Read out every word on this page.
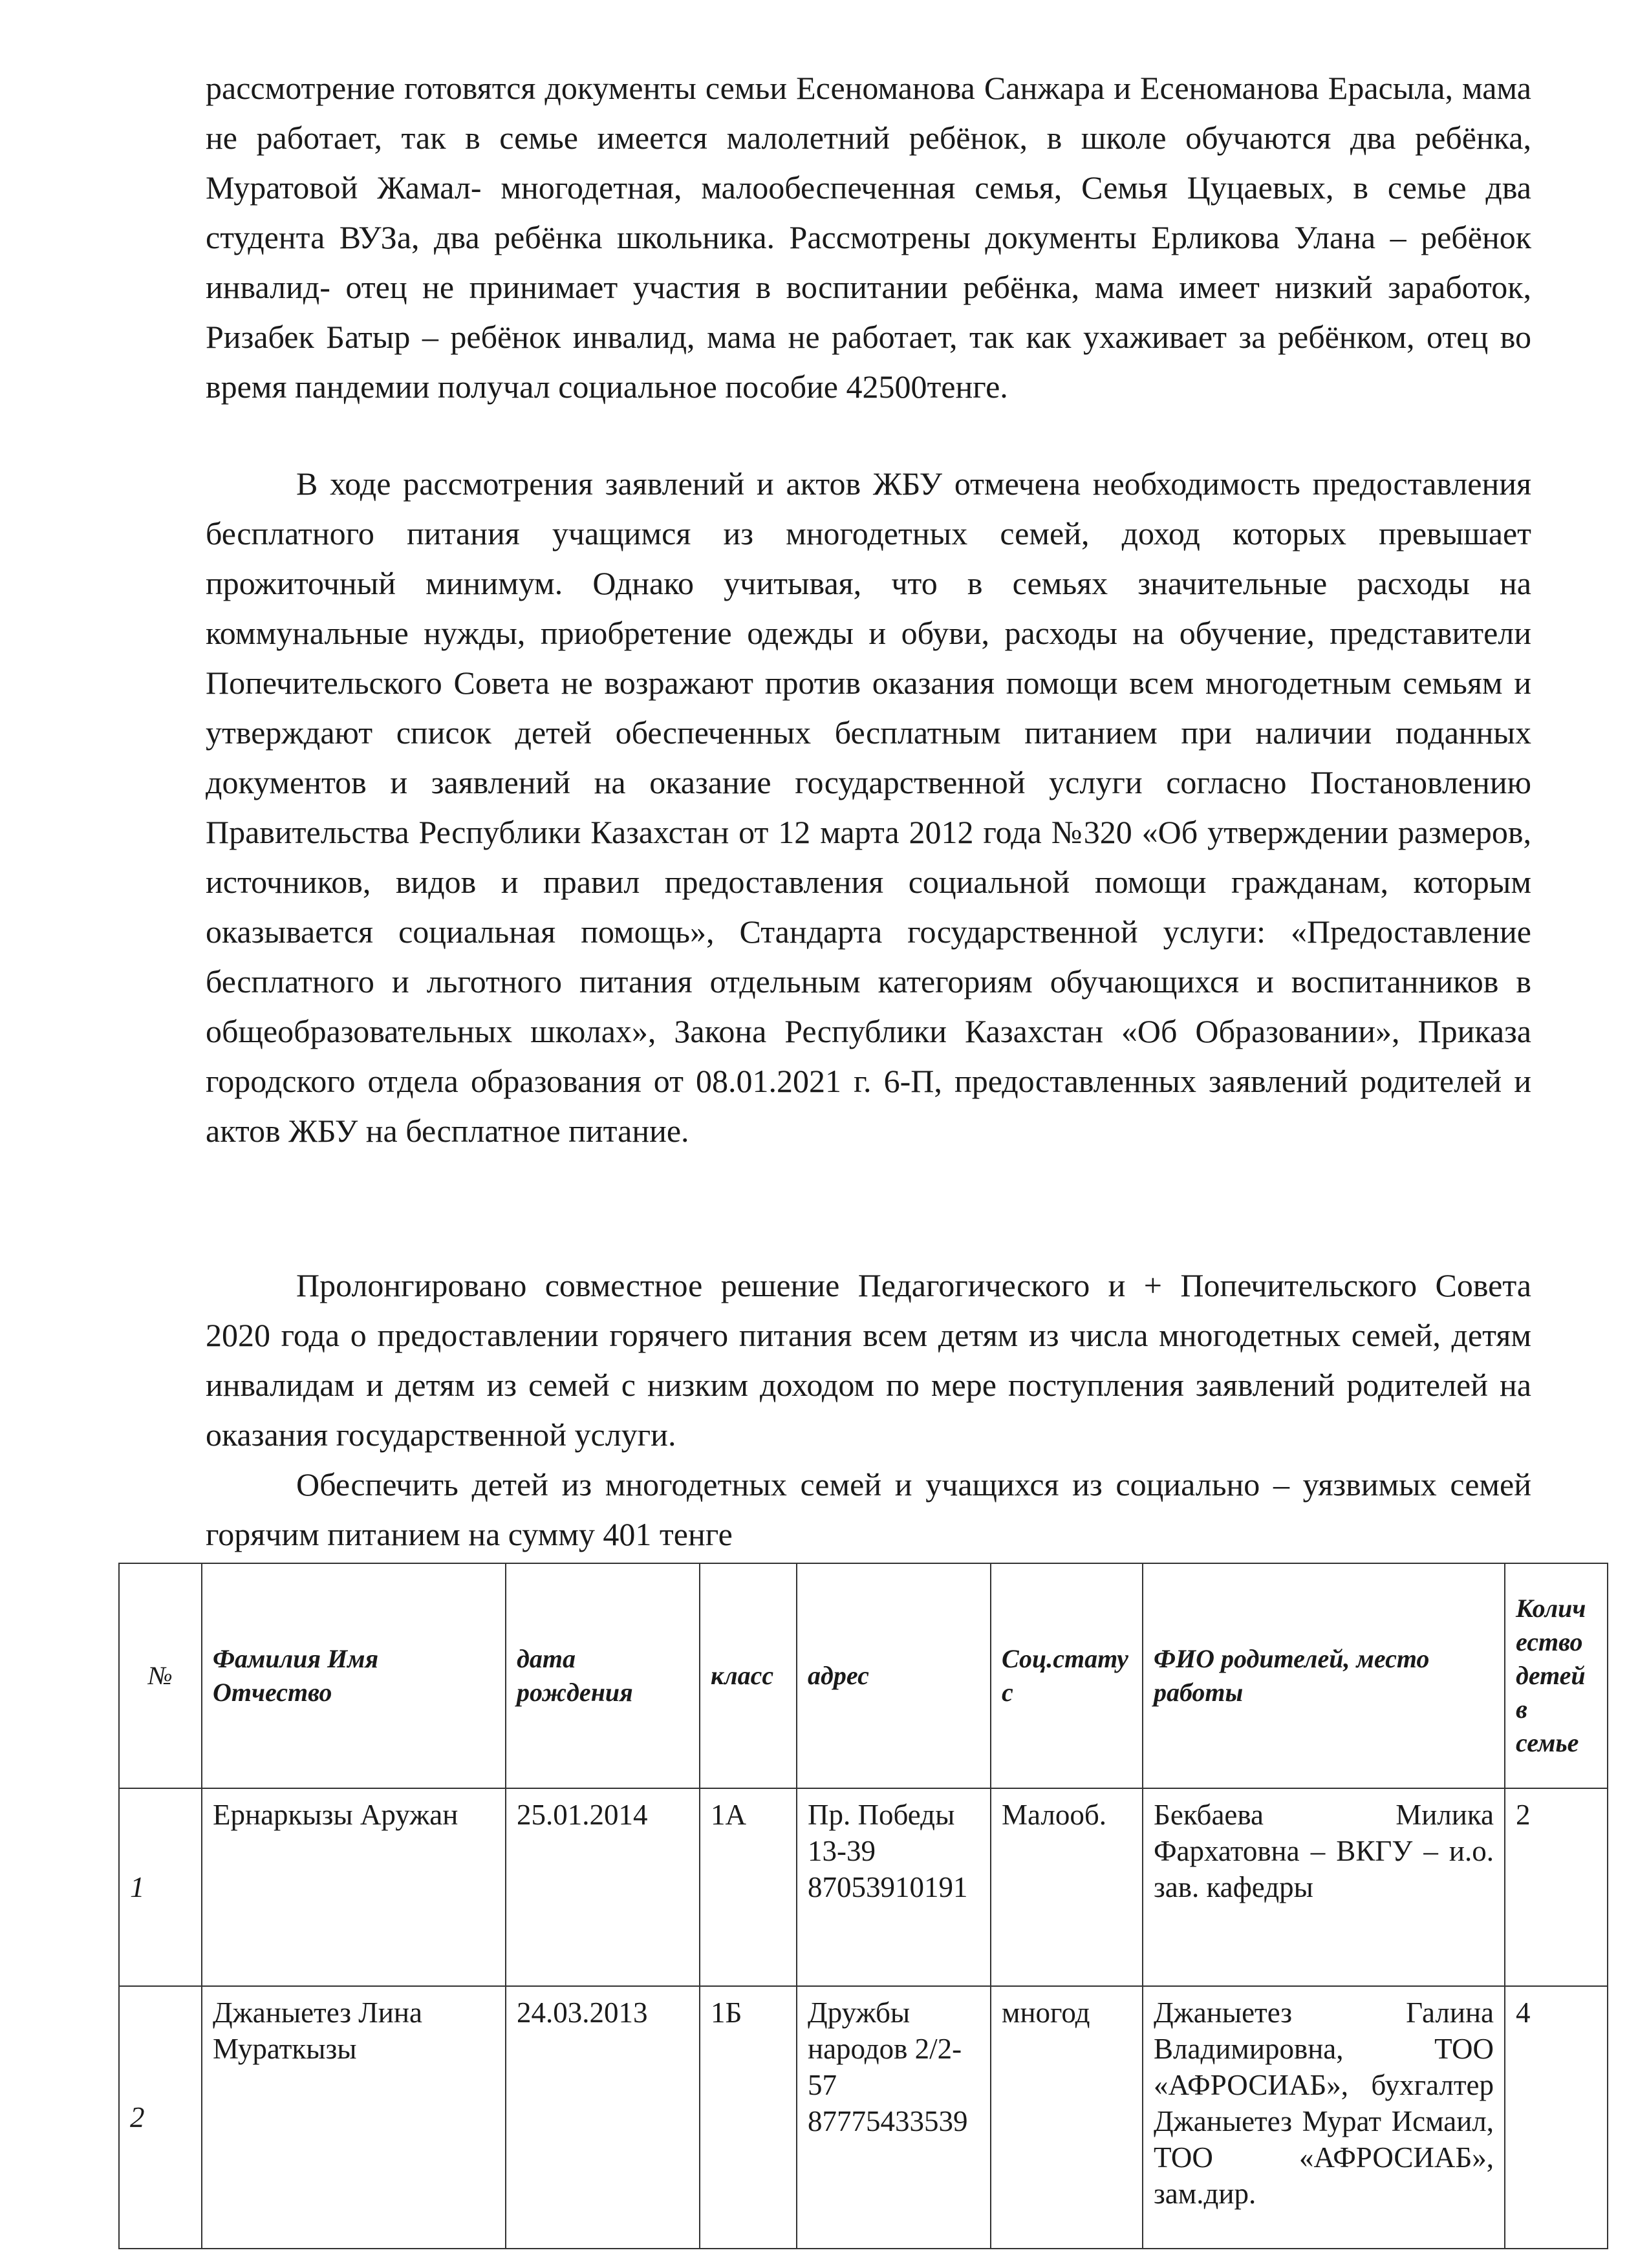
рассмотрение готовятся документы семьи Есеноманова Санжара и Есеноманова Ерасыла, мама не работает, так в семье имеется малолетний ребёнок, в школе обучаются два ребёнка, Муратовой Жамал- многодетная, малообеспеченная семья, Семья Цуцаевых, в семье два студента ВУЗа, два ребёнка школьника. Рассмотрены документы Ерликова Улана – ребёнок инвалид- отец не принимает участия в воспитании ребёнка, мама имеет низкий заработок, Ризабек Батыр – ребёнок инвалид, мама не работает, так как ухаживает за ребёнком, отец во время пандемии получал социальное пособие 42500тенге.

В ходе рассмотрения заявлений и актов ЖБУ отмечена необходимость предоставления бесплатного питания учащимся из многодетных семей, доход которых превышает прожиточный минимум. Однако учитывая, что в семьях значительные расходы на коммунальные нужды, приобретение одежды и обуви, расходы на обучение, представители Попечительского Совета не возражают против оказания помощи всем многодетным семьям и утверждают список детей обеспеченных бесплатным питанием при наличии поданных документов и заявлений на оказание государственной услуги согласно Постановлению Правительства Республики Казахстан от 12 марта 2012 года №320 «Об утверждении размеров, источников, видов и правил предоставления социальной помощи гражданам, которым оказывается социальная помощь», Стандарта государственной услуги: «Предоставление бесплатного и льготного питания отдельным категориям обучающихся и воспитанников в общеобразовательных школах», Закона Республики Казахстан «Об Образовании», Приказа городского отдела образования от 08.01.2021 г. 6-П, предоставленных заявлений родителей и актов ЖБУ на бесплатное питание.

Пролонгировано совместное решение Педагогического и + Попечительского Совета 2020 года о предоставлении горячего питания всем детям из числа многодетных семей, детям инвалидам и детям из семей с низким доходом по мере поступления заявлений родителей на оказания государственной услуги.

Обеспечить детей из многодетных семей и учащихся из социально – уязвимых семей горячим питанием на сумму 401 тенге

№	Фамилия Имя Отчество	дата рождения	класс	адрес	Соц.статус	ФИО родителей, место работы	Количество детей в семье
1	Ернаркызы Аружан	25.01.2014	1А	Пр. Победы 13-39 87053910191	Малооб.	Бекбаева Милика Фархатовна – ВКГУ – и.о. зав. кафедры	2
2	Джаныетез Лина Мураткызы	24.03.2013	1Б	Дружбы народов 2/2-57 87775433539	многод	Джаныетез Галина Владимировна, ТОО «АФРОСИАБ», бухгалтер Джаныетез Мурат Исмаил, ТОО «АФРОСИАБ», зам.дир.	4
